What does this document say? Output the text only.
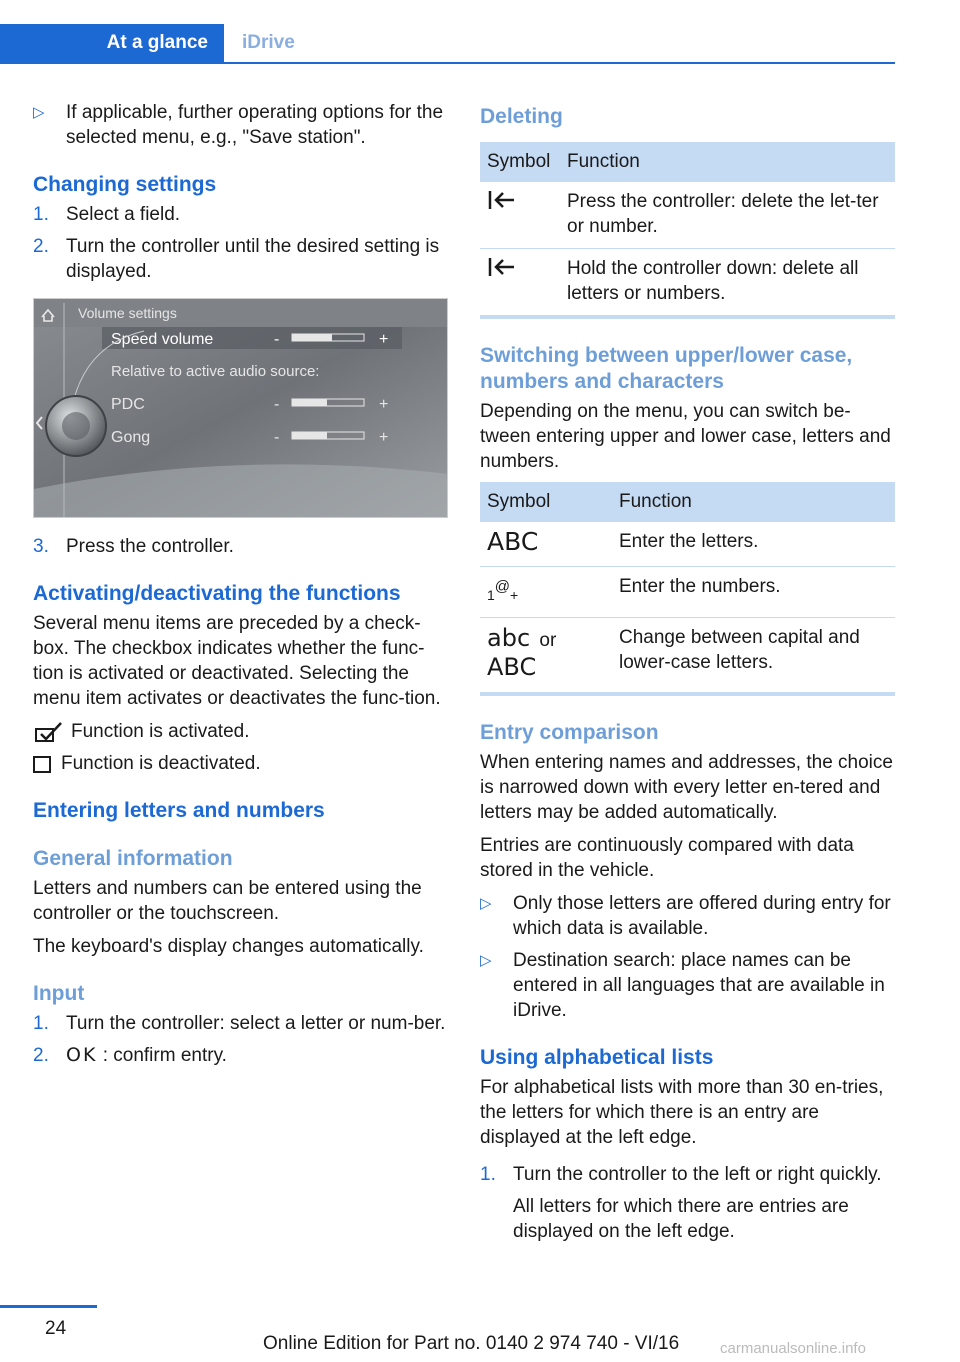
At a glance	iDrive
▷ If applicable, further operating options for the selected menu, e.g., "Save station".
Changing settings
1. Select a field.
2. Turn the controller until the desired setting is displayed.
Volume settings
Speed volume	-	+
Relative to active audio source:
PDC	-	+
Gong	-	+
3. Press the controller.
Activating/deactivating the functions

Several menu items are preceded by a check-box. The checkbox indicates whether the func-tion is activated or deactivated. Selecting the menu item activates or deactivates the func-tion.

Function is activated.
Function is deactivated.
Entering letters and numbers
General information

Letters and numbers can be entered using the controller or the touchscreen.

The keyboard's display changes automatically.

Input
1. Turn the controller: select a letter or num-ber.
2. OK : confirm entry.
Deleting
Symbol	Function
	Press the controller: delete the let-ter or number.
	Hold the controller down: delete all letters or numbers.
Switching between upper/lower case, numbers and characters

Depending on the menu, you can switch be-tween entering upper and lower case, letters and numbers.

Symbol	Function
ABC	Enter the letters.
1@+	Enter the numbers.
abc or
ABC	Change between capital and lower-case letters.
Entry comparison

When entering names and addresses, the choice is narrowed down with every letter en-tered and letters may be added automatically.

Entries are continuously compared with data stored in the vehicle.

▷ Only those letters are offered during entry for which data is available.
▷ Destination search: place names can be entered in all languages that are available in iDrive.
Using alphabetical lists

For alphabetical lists with more than 30 en-tries, the letters for which there is an entry are displayed at the left edge.

1. Turn the controller to the left or right quickly.
All letters for which there are entries are displayed on the left edge.
24
Online Edition for Part no. 0140 2 974 740 - VI/16	carmanualsonline.info
